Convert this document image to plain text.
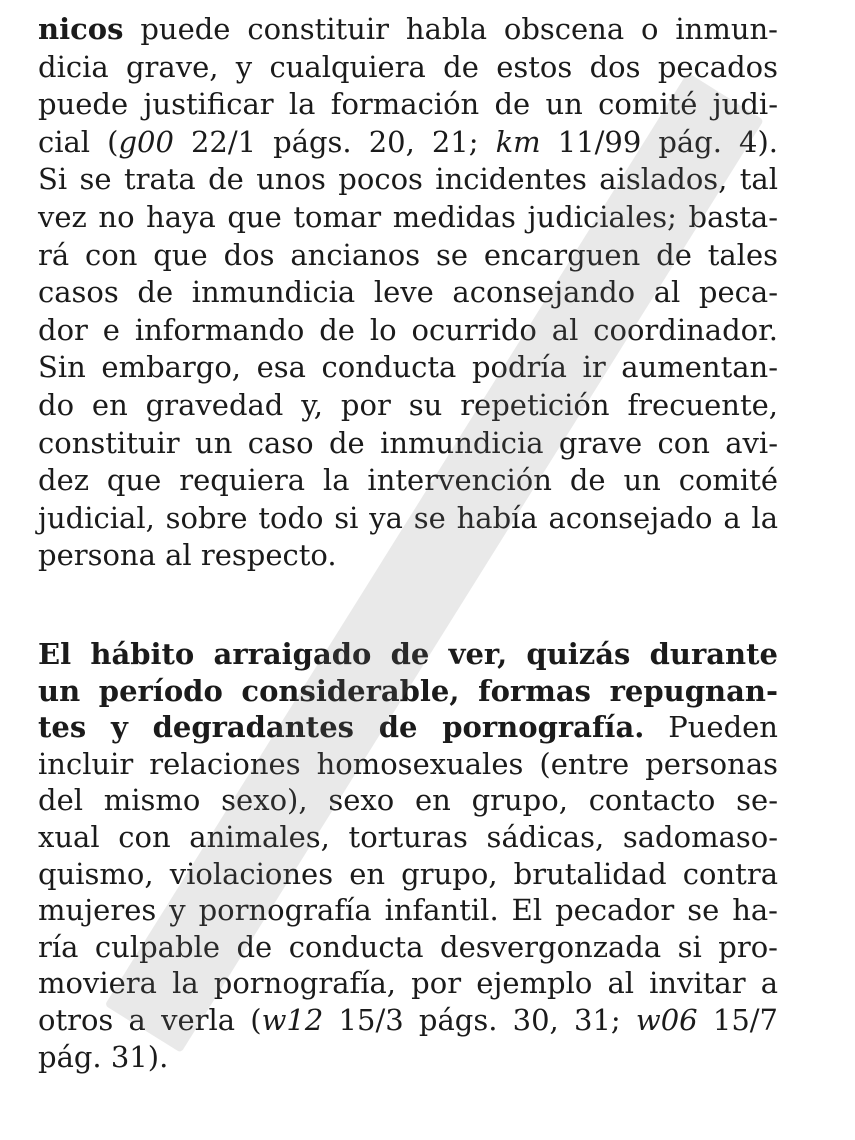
nicos puede constituir habla obscena o inmun-
dicia grave, y cualquiera de estos dos pecados
puede justificar la formación de un comité judi-
cial (g00 22/1 págs. 20, 21; km 11/99 pág. 4).
Si se trata de unos pocos incidentes aislados, tal
vez no haya que tomar medidas judiciales; basta-
rá con que dos ancianos se encarguen de tales
casos de inmundicia leve aconsejando al peca-
dor e informando de lo ocurrido al coordinador.
Sin embargo, esa conducta podría ir aumentan-
do en gravedad y, por su repetición frecuente,
constituir un caso de inmundicia grave con avi-
dez que requiera la intervención de un comité
judicial, sobre todo si ya se había aconsejado a la
persona al respecto.
El hábito arraigado de ver, quizás durante
un período considerable, formas repugnan-
tes y degradantes de pornografía. Pueden
incluir relaciones homosexuales (entre personas
del mismo sexo), sexo en grupo, contacto se-
xual con animales, torturas sádicas, sadomaso-
quismo, violaciones en grupo, brutalidad contra
mujeres y pornografía infantil. El pecador se ha-
ría culpable de conducta desvergonzada si pro-
moviera la pornografía, por ejemplo al invitar a
otros a verla (w12 15/3 págs. 30, 31; w06 15/7
pág. 31).
